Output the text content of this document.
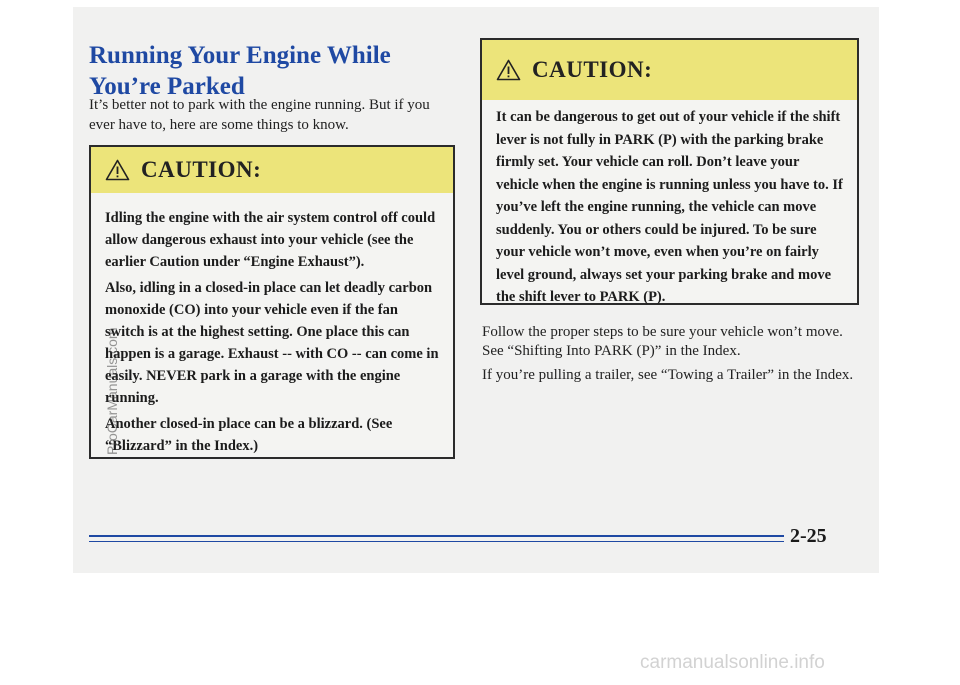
Running Your Engine While
You’re Parked

It’s better not to park with the engine running. But if you ever have to, here are some things to know.

CAUTION:

Idling the engine with the air system control off could allow dangerous exhaust into your vehicle (see the earlier Caution under “Engine Exhaust”).

Also, idling in a closed-in place can let deadly carbon monoxide (CO) into your vehicle even if the fan switch is at the highest setting. One place this can happen is a garage. Exhaust -- with CO -- can come in easily. NEVER park in a garage with the engine running.

Another closed-in place can be a blizzard. (See “Blizzard” in the Index.)

CAUTION:

It can be dangerous to get out of your vehicle if the shift lever is not fully in PARK (P) with the parking brake firmly set. Your vehicle can roll. Don’t leave your vehicle when the engine is running unless you have to. If you’ve left the engine running, the vehicle can move suddenly. You or others could be injured. To be sure your vehicle won’t move, even when you’re on fairly level ground, always set your parking brake and move the shift lever to PARK (P).

Follow the proper steps to be sure your vehicle won’t move. See “Shifting Into PARK (P)” in the Index.

If you’re pulling a trailer, see “Towing a Trailer” in the Index.

2-25

ProCarManuals.com

carmanualsonline.info
